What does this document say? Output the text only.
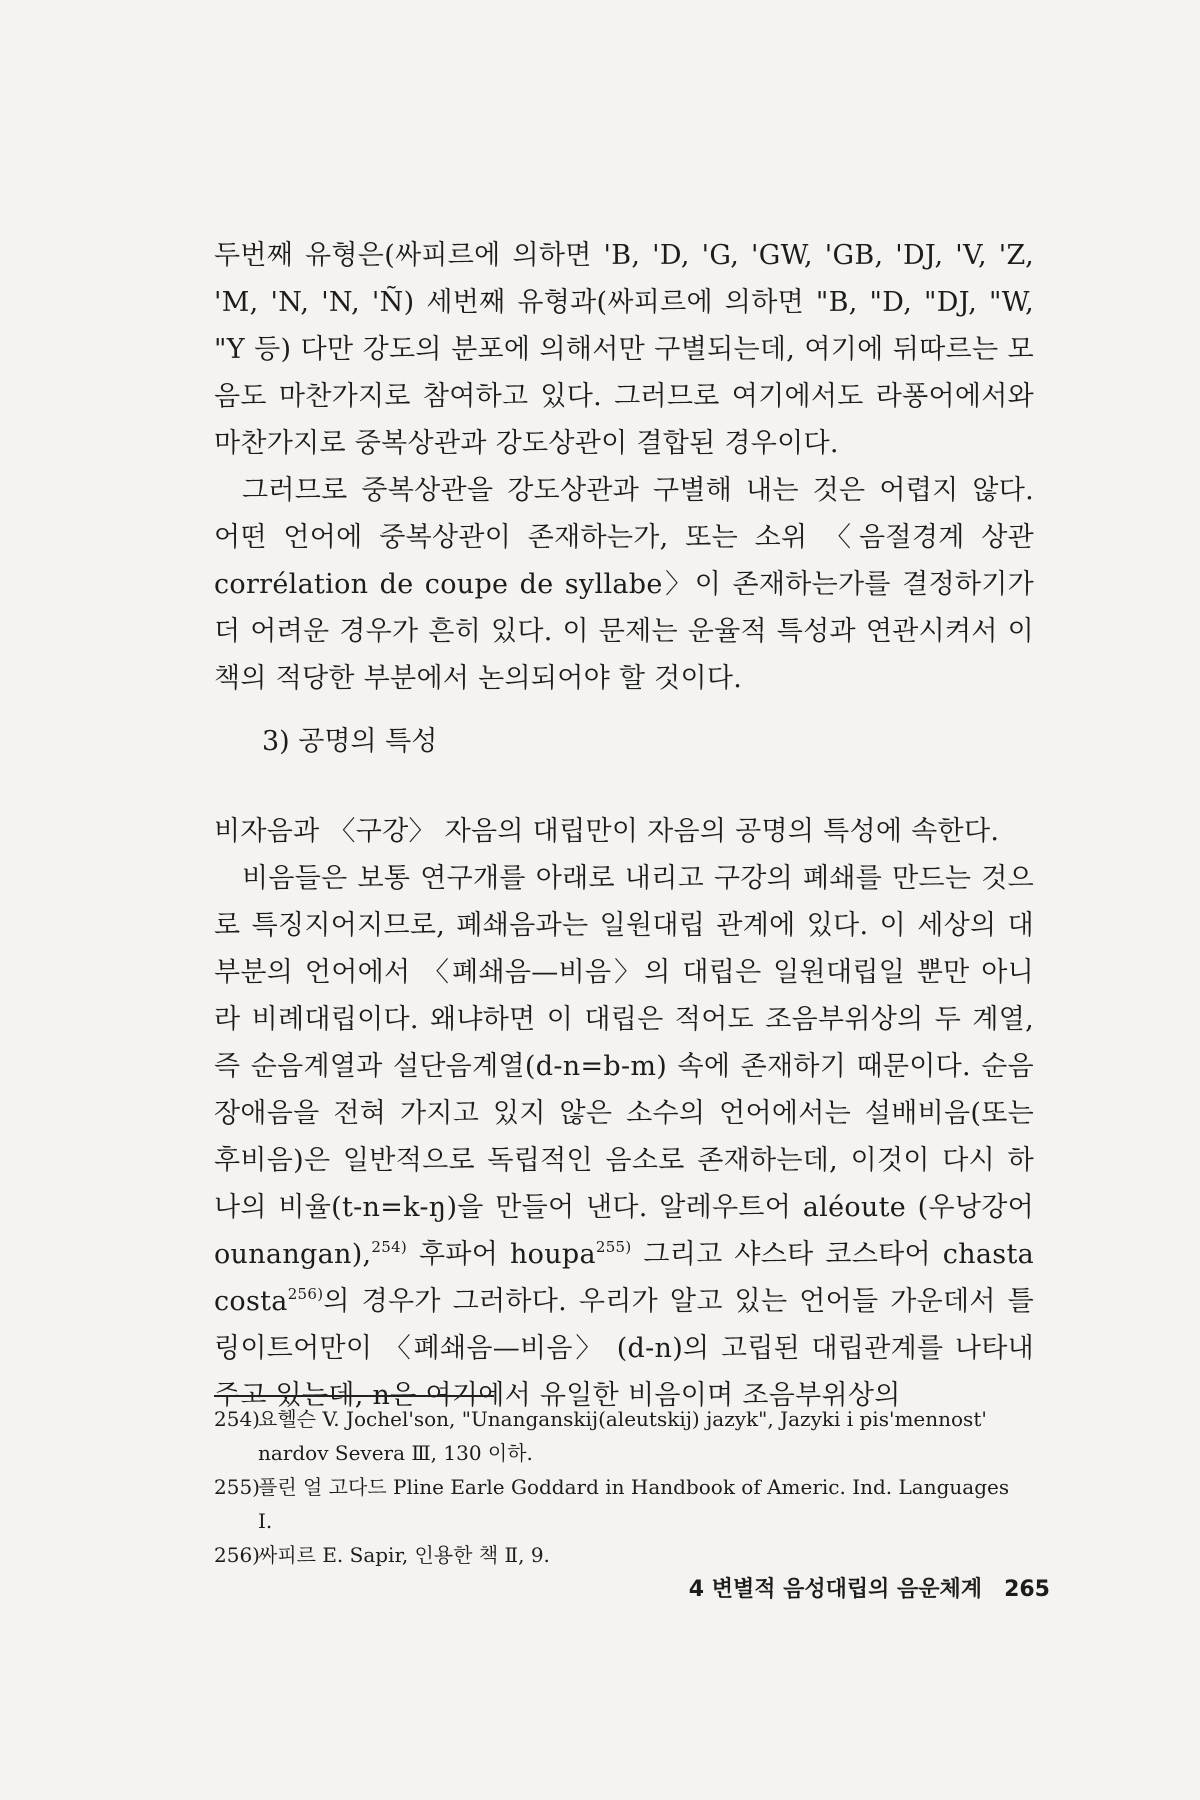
두번째 유형은(싸피르에 의하면 'B, 'D, 'G, 'GW, 'GB, 'DJ, 'V, 'Z, 'M, 'N, 'N, 'Ñ) 세번째 유형과(싸피르에 의하면 "B, "D, "DJ, "W, "Y 등) 다만 강도의 분포에 의해서만 구별되는데, 여기에 뒤따르는 모음도 마찬가지로 참여하고 있다. 그러므로 여기에서도 라퐁어에서와 마찬가지로 중복상관과 강도상관이 결합된 경우이다.

그러므로 중복상관을 강도상관과 구별해 내는 것은 어렵지 않다. 어떤 언어에 중복상관이 존재하는가, 또는 소위 〈음절경계 상관 corrélation de coupe de syllabe〉이 존재하는가를 결정하기가 더 어려운 경우가 흔히 있다. 이 문제는 운율적 특성과 연관시켜서 이 책의 적당한 부분에서 논의되어야 할 것이다.

3) 공명의 특성

비자음과 〈구강〉 자음의 대립만이 자음의 공명의 특성에 속한다.

비음들은 보통 연구개를 아래로 내리고 구강의 폐쇄를 만드는 것으로 특징지어지므로, 폐쇄음과는 일원대립 관계에 있다. 이 세상의 대부분의 언어에서 〈폐쇄음—비음〉의 대립은 일원대립일 뿐만 아니라 비례대립이다. 왜냐하면 이 대립은 적어도 조음부위상의 두 계열, 즉 순음계열과 설단음계열(d-n=b-m) 속에 존재하기 때문이다. 순음장애음을 전혀 가지고 있지 않은 소수의 언어에서는 설배비음(또는 후비음)은 일반적으로 독립적인 음소로 존재하는데, 이것이 다시 하나의 비율(t-n=k-ŋ)을 만들어 낸다. 알레우트어 aléoute (우낭강어 ounangan),$^{254)}$ 후파어 houpa$^{255)}$ 그리고 샤스타 코스타어 chasta costa$^{256)}$의 경우가 그러하다. 우리가 알고 있는 언어들 가운데서 틀링이트어만이 〈폐쇄음—비음〉 (d-n)의 고립된 대립관계를 나타내 주고 있는데, n은 여기에서 유일한 비음이며 조음부위상의

254)요헬슨 V. Jochel'son, "Unanganskij(aleutskij) jazyk", Jazyki i pis'mennost'

nardov Severa Ⅲ, 130 이하.

255)플린 얼 고다드 Pline Earle Goddard in Handbook of Americ. Ind. Languages

I.

256)싸피르 E. Sapir, 인용한 책 Ⅱ, 9.

4 변별적 음성대립의 음운체계 265
